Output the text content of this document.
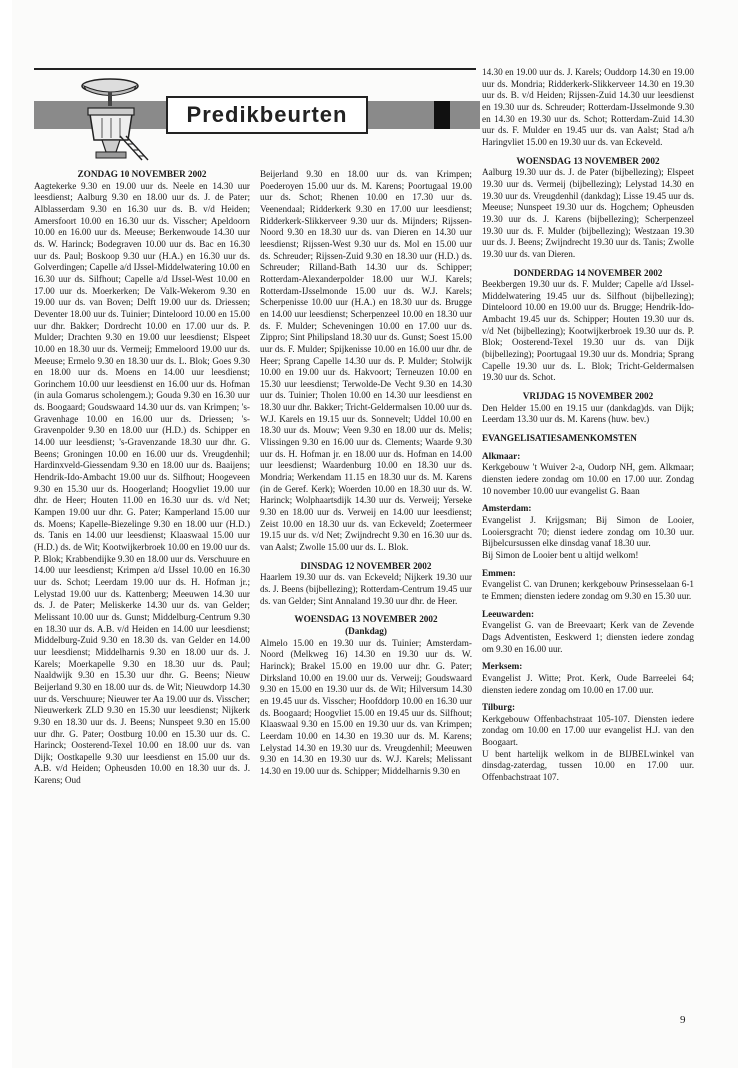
Predikbeurten

ZONDAG 10 NOVEMBER 2002

Aagtekerke 9.30 en 19.00 uur ds. Neele en 14.30 uur leesdienst; Aalburg 9.30 en 18.00 uur ds. J. de Pater; Alblasserdam 9.30 en 16.30 uur ds. B. v/d Heiden; Amersfoort 10.00 en 16.30 uur ds. Visscher; Apeldoorn 10.00 en 16.00 uur ds. Meeuse; Berkenwoude 14.30 uur ds. W. Harinck; Bodegraven 10.00 uur ds. Bac en 16.30 uur ds. Paul; Boskoop 9.30 uur (H.A.) en 16.30 uur ds. Golverdingen; Capelle a/d IJssel-Middelwatering 10.00 en 16.30 uur ds. Silfhout; Capelle a/d IJssel-West 10.00 en 17.00 uur ds. Moerkerken; De Valk-Wekerom 9.30 en 19.00 uur ds. van Boven; Delft 19.00 uur ds. Driessen; Deventer 18.00 uur ds. Tuinier; Dinteloord 10.00 en 15.00 uur dhr. Bakker; Dordrecht 10.00 en 17.00 uur ds. P. Mulder; Drachten 9.30 en 19.00 uur leesdienst; Elspeet 10.00 en 18.30 uur ds. Vermeij; Emmeloord 19.00 uur ds. Meeuse; Ermelo 9.30 en 18.30 uur ds. L. Blok; Goes 9.30 en 18.00 uur ds. Moens en 14.00 uur leesdienst; Gorinchem 10.00 uur leesdienst en 16.00 uur ds. Hofman (in aula Gomarus scholengem.); Gouda 9.30 en 16.30 uur ds. Boogaard; Goudswaard 14.30 uur ds. van Krimpen; 's-Gravenhage 10.00 en 16.00 uur ds. Driessen; 's-Gravenpolder 9.30 en 18.00 uur (H.D.) ds. Schipper en 14.00 uur leesdienst; 's-Gravenzande 18.30 uur dhr. G. Beens; Groningen 10.00 en 16.00 uur ds. Vreugdenhil; Hardinxveld-Giessendam 9.30 en 18.00 uur ds. Baaijens; Hendrik-Ido-Ambacht 19.00 uur ds. Silfhout; Hoogeveen 9.30 en 15.30 uur ds. Hoogerland; Hoogvliet 19.00 uur dhr. de Heer; Houten 11.00 en 16.30 uur ds. v/d Net; Kampen 19.00 uur dhr. G. Pater; Kamperland 15.00 uur ds. Moens; Kapelle-Biezelinge 9.30 en 18.00 uur (H.D.) ds. Tanis en 14.00 uur leesdienst; Klaaswaal 15.00 uur (H.D.) ds. de Wit; Kootwijkerbroek 10.00 en 19.00 uur ds. P. Blok; Krabbendijke 9.30 en 18.00 uur ds. Verschuure en 14.00 uur leesdienst; Krimpen a/d IJssel 10.00 en 16.30 uur ds. Schot; Leerdam 19.00 uur ds. H. Hofman jr.; Lelystad 19.00 uur ds. Kattenberg; Meeuwen 14.30 uur ds. J. de Pater; Meliskerke 14.30 uur ds. van Gelder; Melissant 10.00 uur ds. Gunst; Middelburg-Centrum 9.30 en 18.30 uur ds. A.B. v/d Heiden en 14.00 uur leesdienst; Middelburg-Zuid 9.30 en 18.30 ds. van Gelder en 14.00 uur leesdienst; Middelharnis 9.30 en 18.00 uur ds. J. Karels; Moerkapelle 9.30 en 18.30 uur ds. Paul; Naaldwijk 9.30 en 15.30 uur dhr. G. Beens; Nieuw Beijerland 9.30 en 18.00 uur ds. de Wit; Nieuwdorp 14.30 uur ds. Verschuure; Nieuwer ter Aa 19.00 uur ds. Visscher; Nieuwerkerk ZLD 9.30 en 15.30 uur leesdienst; Nijkerk 9.30 en 18.30 uur ds. J. Beens; Nunspeet 9.30 en 15.00 uur dhr. G. Pater; Oostburg 10.00 en 15.30 uur ds. C. Harinck; Oosterend-Texel 10.00 en 18.00 uur ds. van Dijk; Oostkapelle 9.30 uur leesdienst en 15.00 uur ds. A.B. v/d Heiden; Opheusden 10.00 en 18.30 uur ds. J. Karens; Oud

Beijerland 9.30 en 18.00 uur ds. van Krimpen; Poederoyen 15.00 uur ds. M. Karens; Poortugaal 19.00 uur ds. Schot; Rhenen 10.00 en 17.30 uur ds. Veenendaal; Ridderkerk 9.30 en 17.00 uur leesdienst; Ridderkerk-Slikkerveer 9.30 uur ds. Mijnders; Rijssen-Noord 9.30 en 18.30 uur ds. van Dieren en 14.30 uur leesdienst; Rijssen-West 9.30 uur ds. Mol en 15.00 uur ds. Schreuder; Rijssen-Zuid 9.30 en 18.30 uur (H.D.) ds. Schreuder; Rilland-Bath 14.30 uur ds. Schipper; Rotterdam-Alexanderpolder 18.00 uur W.J. Karels; Rotterdam-IJsselmonde 15.00 uur ds. W.J. Karels; Scherpenisse 10.00 uur (H.A.) en 18.30 uur ds. Brugge en 14.00 uur leesdienst; Scherpenzeel 10.00 en 18.30 uur ds. F. Mulder; Scheveningen 10.00 en 17.00 uur ds. Zippro; Sint Philipsland 18.30 uur ds. Gunst; Soest 15.00 uur ds. F. Mulder; Spijkenisse 10.00 en 16.00 uur dhr. de Heer; Sprang Capelle 14.30 uur ds. P. Mulder; Stolwijk 10.00 en 19.00 uur ds. Hakvoort; Terneuzen 10.00 en 15.30 uur leesdienst; Terwolde-De Vecht 9.30 en 14.30 uur ds. Tuinier; Tholen 10.00 en 14.30 uur leesdienst en 18.30 uur dhr. Bakker; Tricht-Geldermalsen 10.00 uur ds. W.J. Karels en 19.15 uur ds. Sonnevelt; Uddel 10.00 en 18.30 uur ds. Mouw; Veen 9.30 en 18.00 uur ds. Melis; Vlissingen 9.30 en 16.00 uur ds. Clements; Waarde 9.30 uur ds. H. Hofman jr. en 18.00 uur ds. Hofman en 14.00 uur leesdienst; Waardenburg 10.00 en 18.30 uur ds. Mondria; Werkendam 11.15 en 18.30 uur ds. M. Karens (in de Geref. Kerk); Woerden 10.00 en 18.30 uur ds. W. Harinck; Wolphaartsdijk 14.30 uur ds. Verweij; Yerseke 9.30 en 18.00 uur ds. Verweij en 14.00 uur leesdienst; Zeist 10.00 en 18.30 uur ds. van Eckeveld; Zoetermeer 19.15 uur ds. v/d Net; Zwijndrecht 9.30 en 16.30 uur ds. van Aalst; Zwolle 15.00 uur ds. L. Blok.

DINSDAG 12 NOVEMBER 2002

Haarlem 19.30 uur ds. van Eckeveld; Nijkerk 19.30 uur ds. J. Beens (bijbellezing); Rotterdam-Centrum 19.45 uur ds. van Gelder; Sint Annaland 19.30 uur dhr. de Heer.

WOENSDAG 13 NOVEMBER 2002

(Dankdag)

Almelo 15.00 en 19.30 uur ds. Tuinier; Amsterdam-Noord (Melkweg 16) 14.30 en 19.30 uur ds. W. Harinck); Brakel 15.00 en 19.00 uur dhr. G. Pater; Dirksland 10.00 en 19.00 uur ds. Verweij; Goudswaard 9.30 en 15.00 en 19.30 uur ds. de Wit; Hilversum 14.30 en 19.45 uur ds. Visscher; Hoofddorp 10.00 en 16.30 uur ds. Boogaard; Hoogvliet 15.00 en 19.45 uur ds. Silfhout; Klaaswaal 9.30 en 15.00 en 19.30 uur ds. van Krimpen; Leerdam 10.00 en 14.30 en 19.30 uur ds. M. Karens; Lelystad 14.30 en 19.30 uur ds. Vreugdenhil; Meeuwen 9.30 en 14.30 en 19.30 uur ds. W.J. Karels; Melissant 14.30 en 19.00 uur ds. Schipper; Middelharnis 9.30 en

14.30 en 19.00 uur ds. J. Karels; Ouddorp 14.30 en 19.00 uur ds. Mondria; Ridderkerk-Slikkerveer 14.30 en 19.30 uur ds. B. v/d Heiden; Rijssen-Zuid 14.30 uur leesdienst en 19.30 uur ds. Schreuder; Rotterdam-IJsselmonde 9.30 en 14.30 en 19.30 uur ds. Schot; Rotterdam-Zuid 14.30 uur ds. F. Mulder en 19.45 uur ds. van Aalst; Stad a/h Haringvliet 15.00 en 19.30 uur ds. van Eckeveld.

WOENSDAG 13 NOVEMBER 2002

Aalburg 19.30 uur ds. J. de Pater (bijbellezing); Elspeet 19.30 uur ds. Vermeij (bijbellezing); Lelystad 14.30 en 19.30 uur ds. Vreugdenhil (dankdag); Lisse 19.45 uur ds. Meeuse; Nunspeet 19.30 uur ds. Hogchem; Opheusden 19.30 uur ds. J. Karens (bijbellezing); Scherpenzeel 19.30 uur ds. F. Mulder (bijbellezing); Westzaan 19.30 uur ds. J. Beens; Zwijndrecht 19.30 uur ds. Tanis; Zwolle 19.30 uur ds. van Dieren.

DONDERDAG 14 NOVEMBER 2002

Beekbergen 19.30 uur ds. F. Mulder; Capelle a/d IJssel-Middelwatering 19.45 uur ds. Silfhout (bijbellezing); Dinteloord 10.00 en 19.00 uur ds. Brugge; Hendrik-Ido-Ambacht 19.45 uur ds. Schipper; Houten 19.30 uur ds. v/d Net (bijbellezing); Kootwijkerbroek 19.30 uur ds. P. Blok; Oosterend-Texel 19.30 uur ds. van Dijk (bijbellezing); Poortugaal 19.30 uur ds. Mondria; Sprang Capelle 19.30 uur ds. L. Blok; Tricht-Geldermalsen 19.30 uur ds. Schot.

VRIJDAG 15 NOVEMBER 2002

Den Helder 15.00 en 19.15 uur (dankdag)ds. van Dijk; Leerdam 13.30 uur ds. M. Karens (huw. bev.)

EVANGELISATIESAMENKOMSTEN

Alkmaar:

Kerkgebouw 't Wuiver 2-a, Oudorp NH, gem. Alkmaar; diensten iedere zondag om 10.00 en 17.00 uur. Zondag 10 november 10.00 uur evangelist G. Baan

Amsterdam:

Evangelist J. Krijgsman; Bij Simon de Looier, Looiersgracht 70; dienst iedere zondag om 10.30 uur. Bijbelcursussen elke dinsdag vanaf 18.30 uur.

Bij Simon de Looier bent u altijd welkom!

Emmen:

Evangelist C. van Drunen; kerkgebouw Prinsesselaan 6-1 te Emmen; diensten iedere zondag om 9.30 en 15.30 uur.

Leeuwarden:

Evangelist G. van de Breevaart; Kerk van de Zevende Dags Adventisten, Eeskwerd 1; diensten iedere zondag om 9.30 en 16.00 uur.

Merksem:

Evangelist J. Witte; Prot. Kerk, Oude Barreelei 64; diensten iedere zondag om 10.00 en 17.00 uur.

Tilburg:

Kerkgebouw Offenbachstraat 105-107. Diensten iedere zondag om 10.00 en 17.00 uur evangelist H.J. van den Boogaart.

U bent hartelijk welkom in de BIJBELwinkel van dinsdag-zaterdag, tussen 10.00 en 17.00 uur. Offenbachstraat 107.

9
